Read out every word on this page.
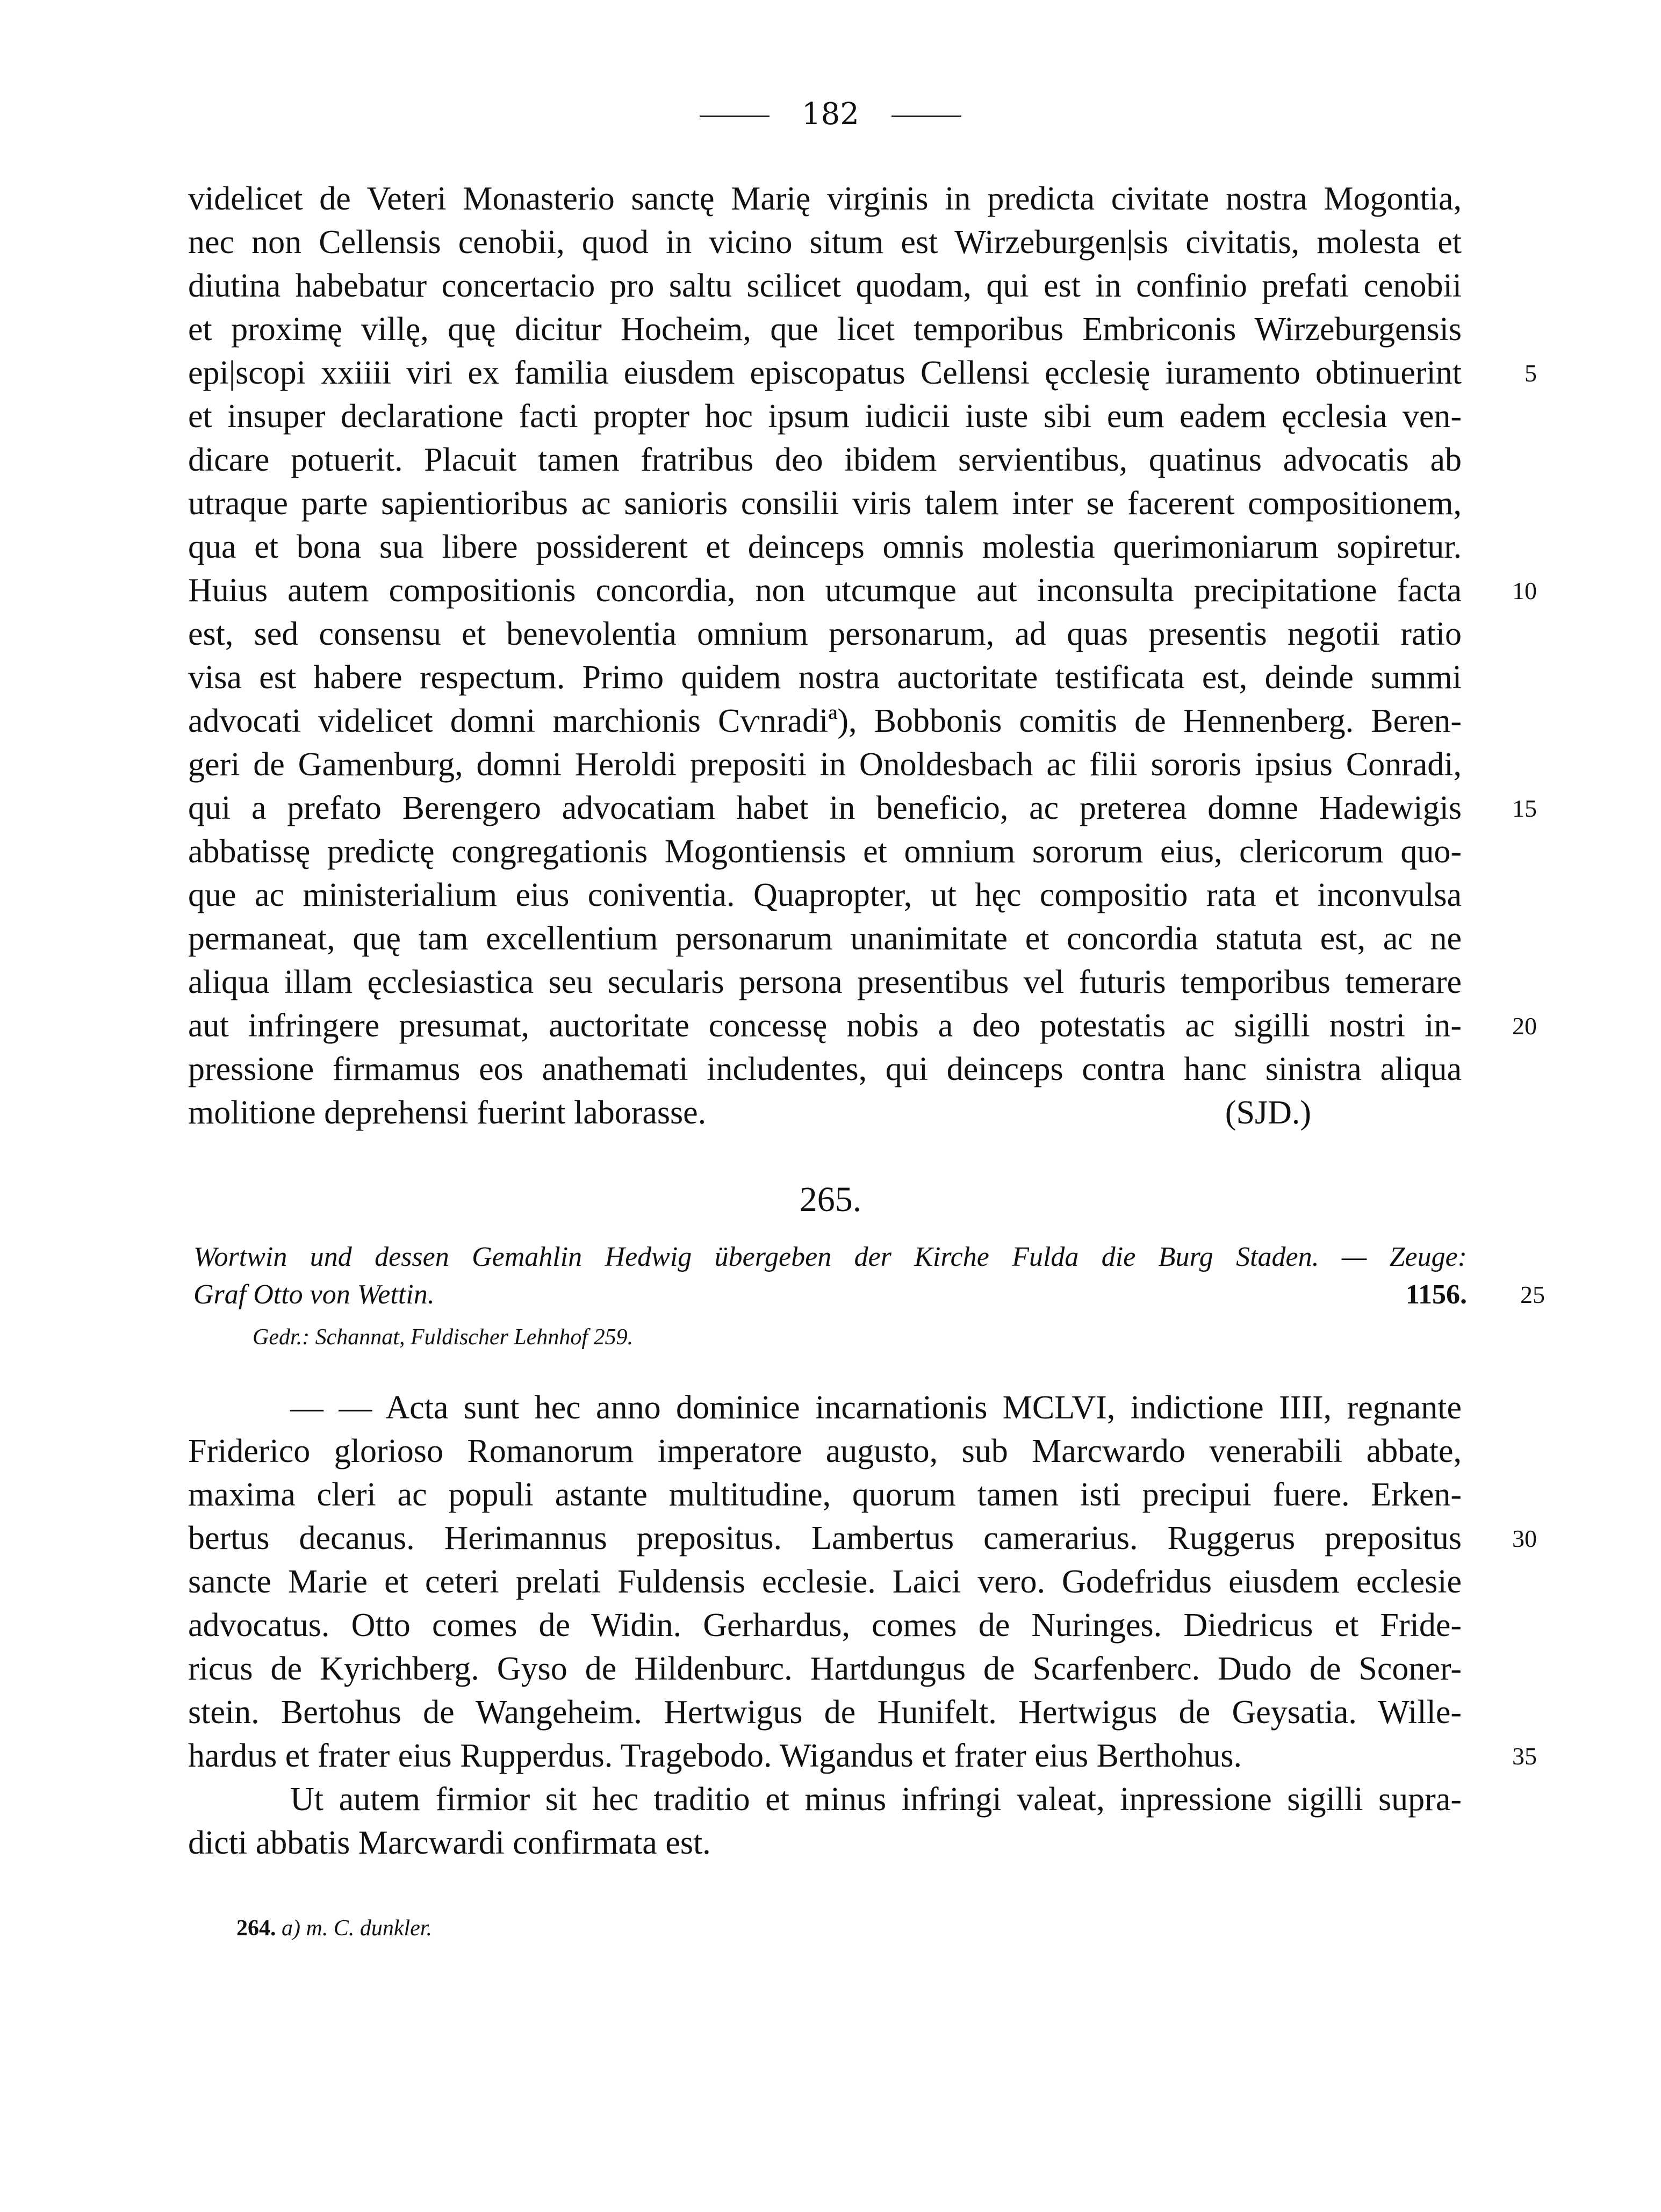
182
videlicet de Veteri Monasterio sanctę Marię virginis in predicta civitate nostra Mogontia,
nec non Cellensis cenobii, quod in vicino situm est Wirzeburgen|sis civitatis, molesta et
diutina habebatur concertacio pro saltu scilicet quodam, qui est in confinio prefati cenobii
et proximę villę, quę dicitur Hocheim, que licet temporibus Embriconis Wirzeburgensis
epi|scopi xxiiii viri ex familia eiusdem episcopatus Cellensi ęcclesię iuramento obtinuerint	5
et insuper declaratione facti propter hoc ipsum iudicii iuste sibi eum eadem ęcclesia ven-
dicare potuerit. Placuit tamen fratribus deo ibidem servientibus, quatinus advocatis ab
utraque parte sapientioribus ac sanioris consilii viris talem inter se facerent compositionem,
qua et bona sua libere possiderent et deinceps omnis molestia querimoniarum sopiretur.
Huius autem compositionis concordia, non utcumque aut inconsulta precipitatione facta 10
est, sed consensu et benevolentia omnium personarum, ad quas presentis negotii ratio
visa est habere respectum. Primo quidem nostra auctoritate testificata est, deinde summi
advocati videlicet domni marchionis Cѵnradiª), Bobbonis comitis de Hennenberg. Beren-
geri de Gamenburg, domni Heroldi prepositi in Onoldesbach ac filii sororis ipsius Conradi,
qui a prefato Berengero advocatiam habet in beneficio, ac preterea domne Hadewigis 15
abbatissę predictę congregationis Mogontiensis et omnium sororum eius, clericorum quo-
que ac ministerialium eius coniventia. Quapropter, ut hęc compositio rata et inconvulsa
permaneat, quę tam excellentium personarum unanimitate et concordia statuta est, ac ne
aliqua illam ęcclesiastica seu secularis persona presentibus vel futuris temporibus temerare
aut infringere presumat, auctoritate concessę nobis a deo potestatis ac sigilli nostri in- 20
pressione firmamus eos anathemati includentes, qui deinceps contra hanc sinistra aliqua
molitione deprehensi fuerint laborasse.	(SJD.)
265.
Wortwin und dessen Gemahlin Hedwig übergeben der Kirche Fulda die Burg Staden. — Zeuge:
Graf Otto von Wettin.	1156. 25
Gedr.: Schannat, Fuldischer Lehnhof 259.
— — Acta sunt hec anno dominice incarnationis MCLVI, indictione IIII, regnante
Friderico glorioso Romanorum imperatore augusto, sub Marcwardo venerabili abbate,
maxima cleri ac populi astante multitudine, quorum tamen isti precipui fuere. Erken-
bertus decanus. Herimannus prepositus. Lambertus camerarius. Ruggerus prepositus 30
sancte Marie et ceteri prelati Fuldensis ecclesie. Laici vero. Godefridus eiusdem ecclesie
advocatus. Otto comes de Widin. Gerhardus, comes de Nuringes. Diedricus et Fride-
ricus de Kyrichberg. Gyso de Hildenburc. Hartdungus de Scarfenberc. Dudo de Sconer-
stein. Bertohus de Wangeheim. Hertwigus de Hunifelt. Hertwigus de Geysatia. Wille-
hardus et frater eius Rupperdus. Tragebodo. Wigandus et frater eius Berthohus.	35
Ut autem firmior sit hec traditio et minus infringi valeat, inpressione sigilli supra-
dicti abbatis Marcwardi confirmata est.
264. a) m. C. dunkler.
